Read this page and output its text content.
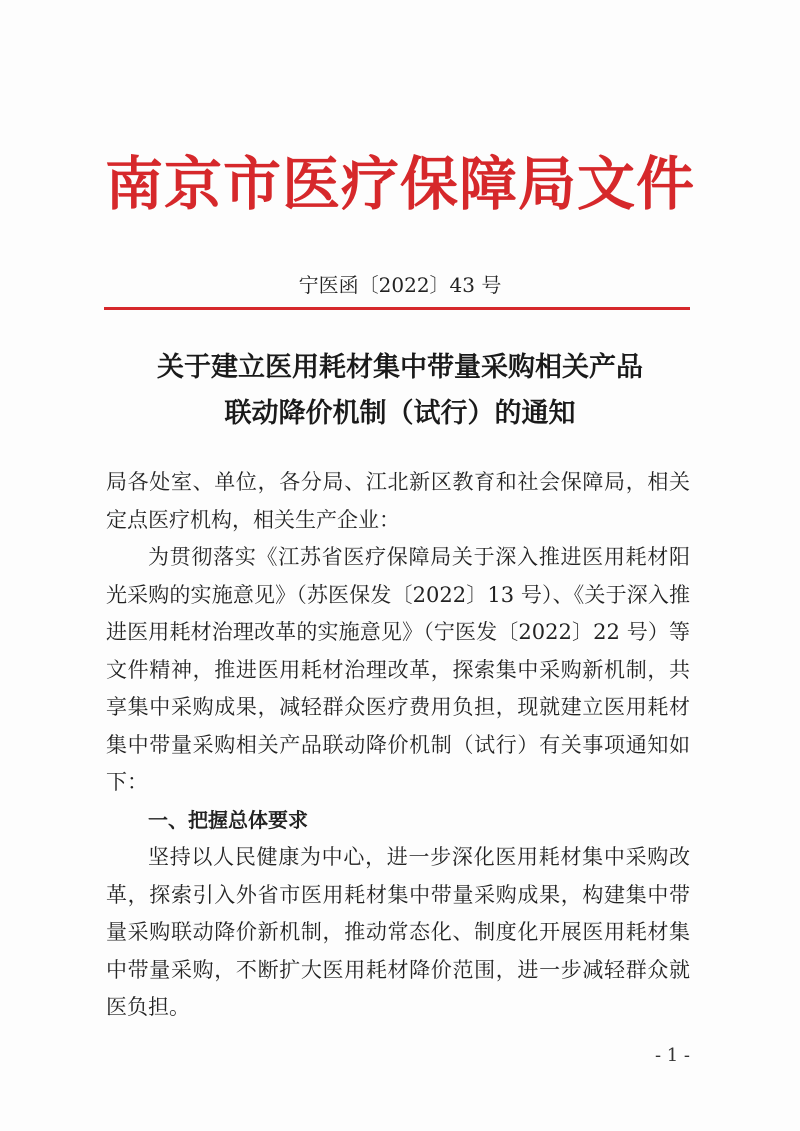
南京市医疗保障局文件
宁医函〔2022〕43 号
关于建立医用耗材集中带量采购相关产品
联动降价机制（试行）的通知

局各处室、单位，各分局、江北新区教育和社会保障局，相关定点医疗机构，相关生产企业：

为贯彻落实《江苏省医疗保障局关于深入推进医用耗材阳光采购的实施意见》（苏医保发〔2022〕13 号）、《关于深入推进医用耗材治理改革的实施意见》（宁医发〔2022〕22 号）等文件精神，推进医用耗材治理改革，探索集中采购新机制，共享集中采购成果，减轻群众医疗费用负担，现就建立医用耗材集中带量采购相关产品联动降价机制（试行）有关事项通知如下：

一、把握总体要求

坚持以人民健康为中心，进一步深化医用耗材集中采购改革，探索引入外省市医用耗材集中带量采购成果，构建集中带量采购联动降价新机制，推动常态化、制度化开展医用耗材集中带量采购，不断扩大医用耗材降价范围，进一步减轻群众就医负担。

- 1 -
